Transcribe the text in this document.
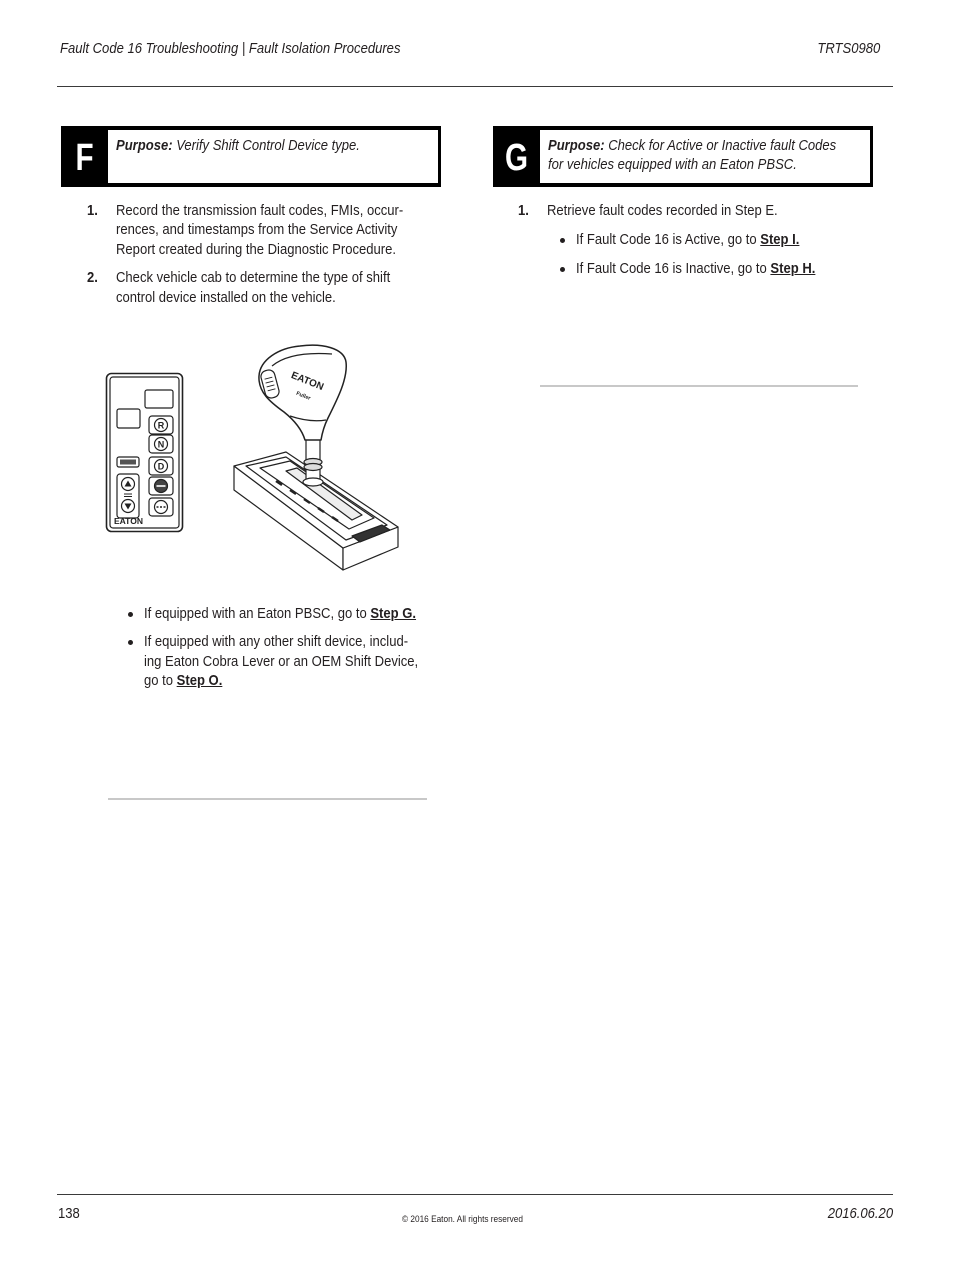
Fault Code 16 Troubleshooting | Fault Isolation Procedures	TRTS0980
F	Purpose: Verify Shift Control Device type.
1. Record the transmission fault codes, FMIs, occur-
rences, and timestamps from the Service Activity
Report created during the Diagnostic Procedure.
2. Check vehicle cab to determine the type of shift
control device installed on the vehicle.
R
N
D
EATON
EATON
Fuller
If equipped with an Eaton PBSC, go to Step G.
If equipped with any other shift device, includ-
ing Eaton Cobra Lever or an OEM Shift Device,
go to Step O.
G	Purpose: Check for Active or Inactive fault Codes
for vehicles equipped with an Eaton PBSC.
1. Retrieve fault codes recorded in Step E.
If Fault Code 16 is Active, go to Step I.
If Fault Code 16 is Inactive, go to Step H.
138	© 2016 Eaton. All rights reserved	2016.06.20
